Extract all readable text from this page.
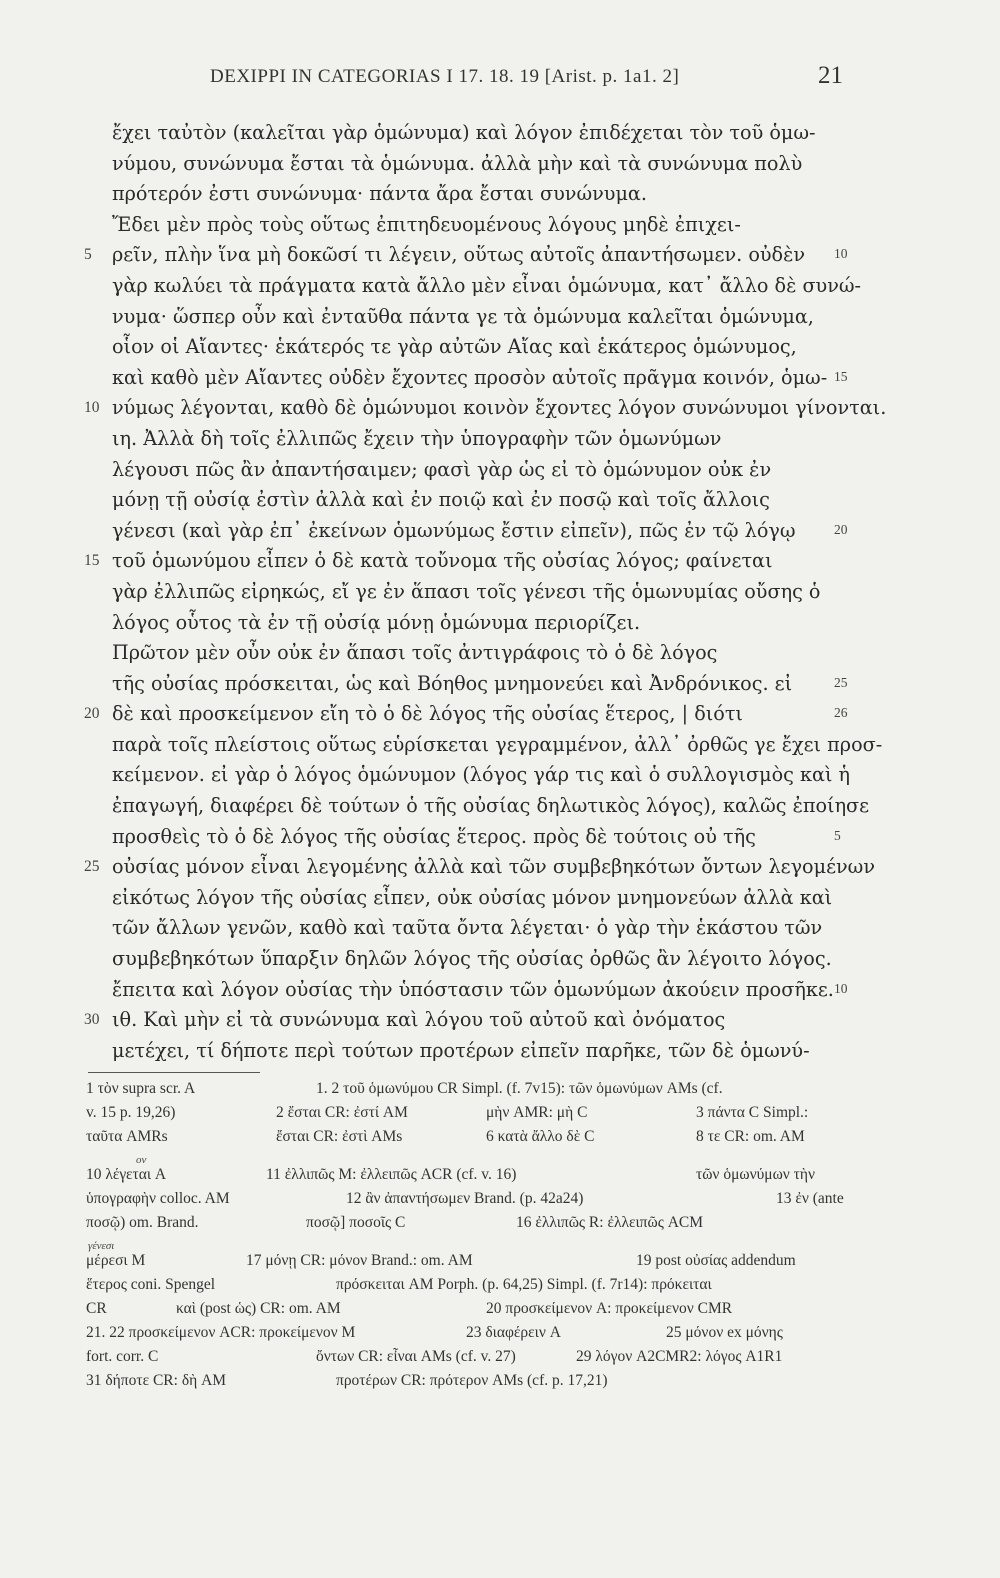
DEXIPPI IN CATEGORIAS I 17. 18. 19 [Arist. p. 1a1. 2]	21
ἔχει ταὐτὸν (καλεῖται γὰρ ὁμώνυμα) καὶ λόγον ἐπιδέχεται τὸν τοῦ ὁμω-
νύμου, συνώνυμα ἔσται τὰ ὁμώνυμα. ἀλλὰ μὴν καὶ τὰ συνώνυμα πολὺ
πρότερόν ἐστι συνώνυμα· πάντα ἄρα ἔσται συνώνυμα.
Ἔδει μὲν πρὸς τοὺς οὕτως ἐπιτηδευομένους λόγους μηδὲ ἐπιχει-
ρεῖν, πλὴν ἵνα μὴ δοκῶσί τι λέγειν, οὕτως αὐτοῖς ἀπαντήσωμεν. οὐδὲν
5	10
γὰρ κωλύει τὰ πράγματα κατὰ ἄλλο μὲν εἶναι ὁμώνυμα, κατ᾽ ἄλλο δὲ συνώ-
νυμα· ὥσπερ οὖν καὶ ἐνταῦθα πάντα γε τὰ ὁμώνυμα καλεῖται ὁμώνυμα,
οἷον οἱ Αἴαντες· ἑκάτερός τε γὰρ αὐτῶν Αἴας καὶ ἑκάτερος ὁμώνυμος,
καὶ καθὸ μὲν Αἴαντες οὐδὲν ἔχοντες προσὸν αὐτοῖς πρᾶγμα κοινόν, ὁμω- 15
νύμως λέγονται, καθὸ δὲ ὁμώνυμοι κοινὸν ἔχοντες λόγον συνώνυμοι γίνονται.
10
ιη. Ἀλλὰ δὴ τοῖς ἐλλιπῶς ἔχειν τὴν ὑπογραφὴν τῶν ὁμωνύμων
λέγουσι πῶς ἂν ἀπαντήσαιμεν; φασὶ γὰρ ὡς εἰ τὸ ὁμώνυμον οὐκ ἐν
μόνῃ τῇ οὐσίᾳ ἐστὶν ἀλλὰ καὶ ἐν ποιῷ καὶ ἐν ποσῷ καὶ τοῖς ἄλλοις
γένεσι (καὶ γὰρ ἐπ᾽ ἐκείνων ὁμωνύμως ἔστιν εἰπεῖν), πῶς ἐν τῷ λόγῳ	20
τοῦ ὁμωνύμου εἶπεν ὁ δὲ κατὰ τοὔνομα τῆς οὐσίας λόγος; φαίνεται
15
γὰρ ἐλλιπῶς εἰρηκώς, εἴ γε ἐν ἅπασι τοῖς γένεσι τῆς ὁμωνυμίας οὔσης ὁ
λόγος οὗτος τὰ ἐν τῇ οὐσίᾳ μόνῃ ὁμώνυμα περιορίζει.
Πρῶτον μὲν οὖν οὐκ ἐν ἅπασι τοῖς ἀντιγράφοις τὸ ὁ δὲ λόγος
τῆς οὐσίας πρόσκειται, ὡς καὶ Βόηθος μνημονεύει καὶ Ἀνδρόνικος. εἰ	25
δὲ καὶ προσκείμενον εἴη τὸ ὁ δὲ λόγος τῆς οὐσίας ἕτερος, | διότι
20	26
παρὰ τοῖς πλείστοις οὕτως εὑρίσκεται γεγραμμένον, ἀλλ᾽ ὀρθῶς γε ἔχει προσ-
κείμενον. εἰ γὰρ ὁ λόγος ὁμώνυμον (λόγος γάρ τις καὶ ὁ συλλογισμὸς καὶ ἡ
ἐπαγωγή, διαφέρει δὲ τούτων ὁ τῆς οὐσίας δηλωτικὸς λόγος), καλῶς ἐποίησε
προσθεὶς τὸ ὁ δὲ λόγος τῆς οὐσίας ἕτερος. πρὸς δὲ τούτοις οὐ τῆς	5
οὐσίας μόνον εἶναι λεγομένης ἀλλὰ καὶ τῶν συμβεβηκότων ὄντων λεγομένων
25
εἰκότως λόγον τῆς οὐσίας εἶπεν, οὐκ οὐσίας μόνον μνημονεύων ἀλλὰ καὶ
τῶν ἄλλων γενῶν, καθὸ καὶ ταῦτα ὄντα λέγεται· ὁ γὰρ τὴν ἑκάστου τῶν
συμβεβηκότων ὕπαρξιν δηλῶν λόγος τῆς οὐσίας ὀρθῶς ἂν λέγοιτο λόγος.
ἔπειτα καὶ λόγον οὐσίας τὴν ὑπόστασιν τῶν ὁμωνύμων ἀκούειν προσῆκε. 10
ιθ. Καὶ μὴν εἰ τὰ συνώνυμα καὶ λόγου τοῦ αὐτοῦ καὶ ὀνόματος
30
μετέχει, τί δήποτε περὶ τούτων προτέρων εἰπεῖν παρῆκε, τῶν δὲ ὁμωνύ-
1 τὸν supra scr. A	1. 2 τοῦ ὁμωνύμου CR Simpl. (f. 7v15): τῶν ὁμωνύμων AMs (cf.
v. 15 p. 19,26)	2 ἔσται CR: ἐστί AM	μὴν AMR: μὴ C	3 πάντα C Simpl.:
ταῦτα AMRs	ἔσται CR: ἐστὶ AMs	6 κατὰ ἄλλο δὲ C	8 τε CR: om. AM
10 λέγεται A	11 ἐλλιπῶς M: ἐλλειπῶς ACR (cf. v. 16)	τῶν ὁμωνύμων τὴν
ον
ὑπογραφὴν colloc. AM	12 ἂν ἀπαντήσωμεν Brand. (p. 42a24)	13 ἐν (ante
ποσῷ) om. Brand.	ποσῷ] ποσοῖς C	16 ἐλλιπῶς R: ἐλλειπῶς ACM
μέρεσι M	17 μόνῃ CR: μόνον Brand.: om. AM	19 post οὐσίας addendum
γένεσι
ἕτερος coni. Spengel	πρόσκειται AM Porph. (p. 64,25) Simpl. (f. 7r14): πρόκειται
CR	καὶ (post ὡς) CR: om. AM	20 προσκείμενον A: προκείμενον CMR
21. 22 προσκείμενον ACR: προκείμενον M	23 διαφέρειν A	25 μόνον ex μόνης
fort. corr. C	ὄντων CR: εἶναι AMs (cf. v. 27)	29 λόγον A2CMR2: λόγος A1R1
31 δήποτε CR: δὴ AM	προτέρων CR: πρότερον AMs (cf. p. 17,21)
